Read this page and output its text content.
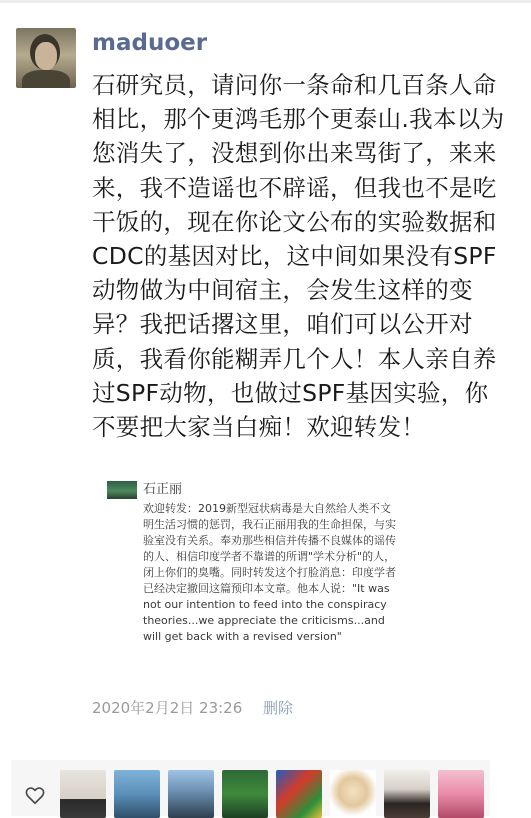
maduoer
石研究员，请问你一条命和几百条人命相比，那个更鸿毛那个更泰山.我本以为您消失了，没想到你出来骂街了，来来来，我不造谣也不辟谣，但我也不是吃干饭的，现在你论文公布的实验数据和CDC的基因对比，这中间如果没有SPF动物做为中间宿主，会发生这样的变异？我把话撂这里，咱们可以公开对质，我看你能糊弄几个人！本人亲自养过SPF动物，也做过SPF基因实验，你不要把大家当白痴！欢迎转发！
石正丽
欢迎转发：2019新型冠状病毒是大自然给人类不文明生活习惯的惩罚，我石正丽用我的生命担保，与实验室没有关系。奉劝那些相信并传播不良媒体的谣传的人、相信印度学者不靠谱的所谓"学术分析"的人，闭上你们的臭嘴。同时转发这个打脸消息：印度学者已经决定撤回这篇预印本文章。他本人说："It was not our intention to feed into the conspiracy theories...we appreciate the criticisms...and will get back with a revised version"
2020年2月2日 23:26 删除
